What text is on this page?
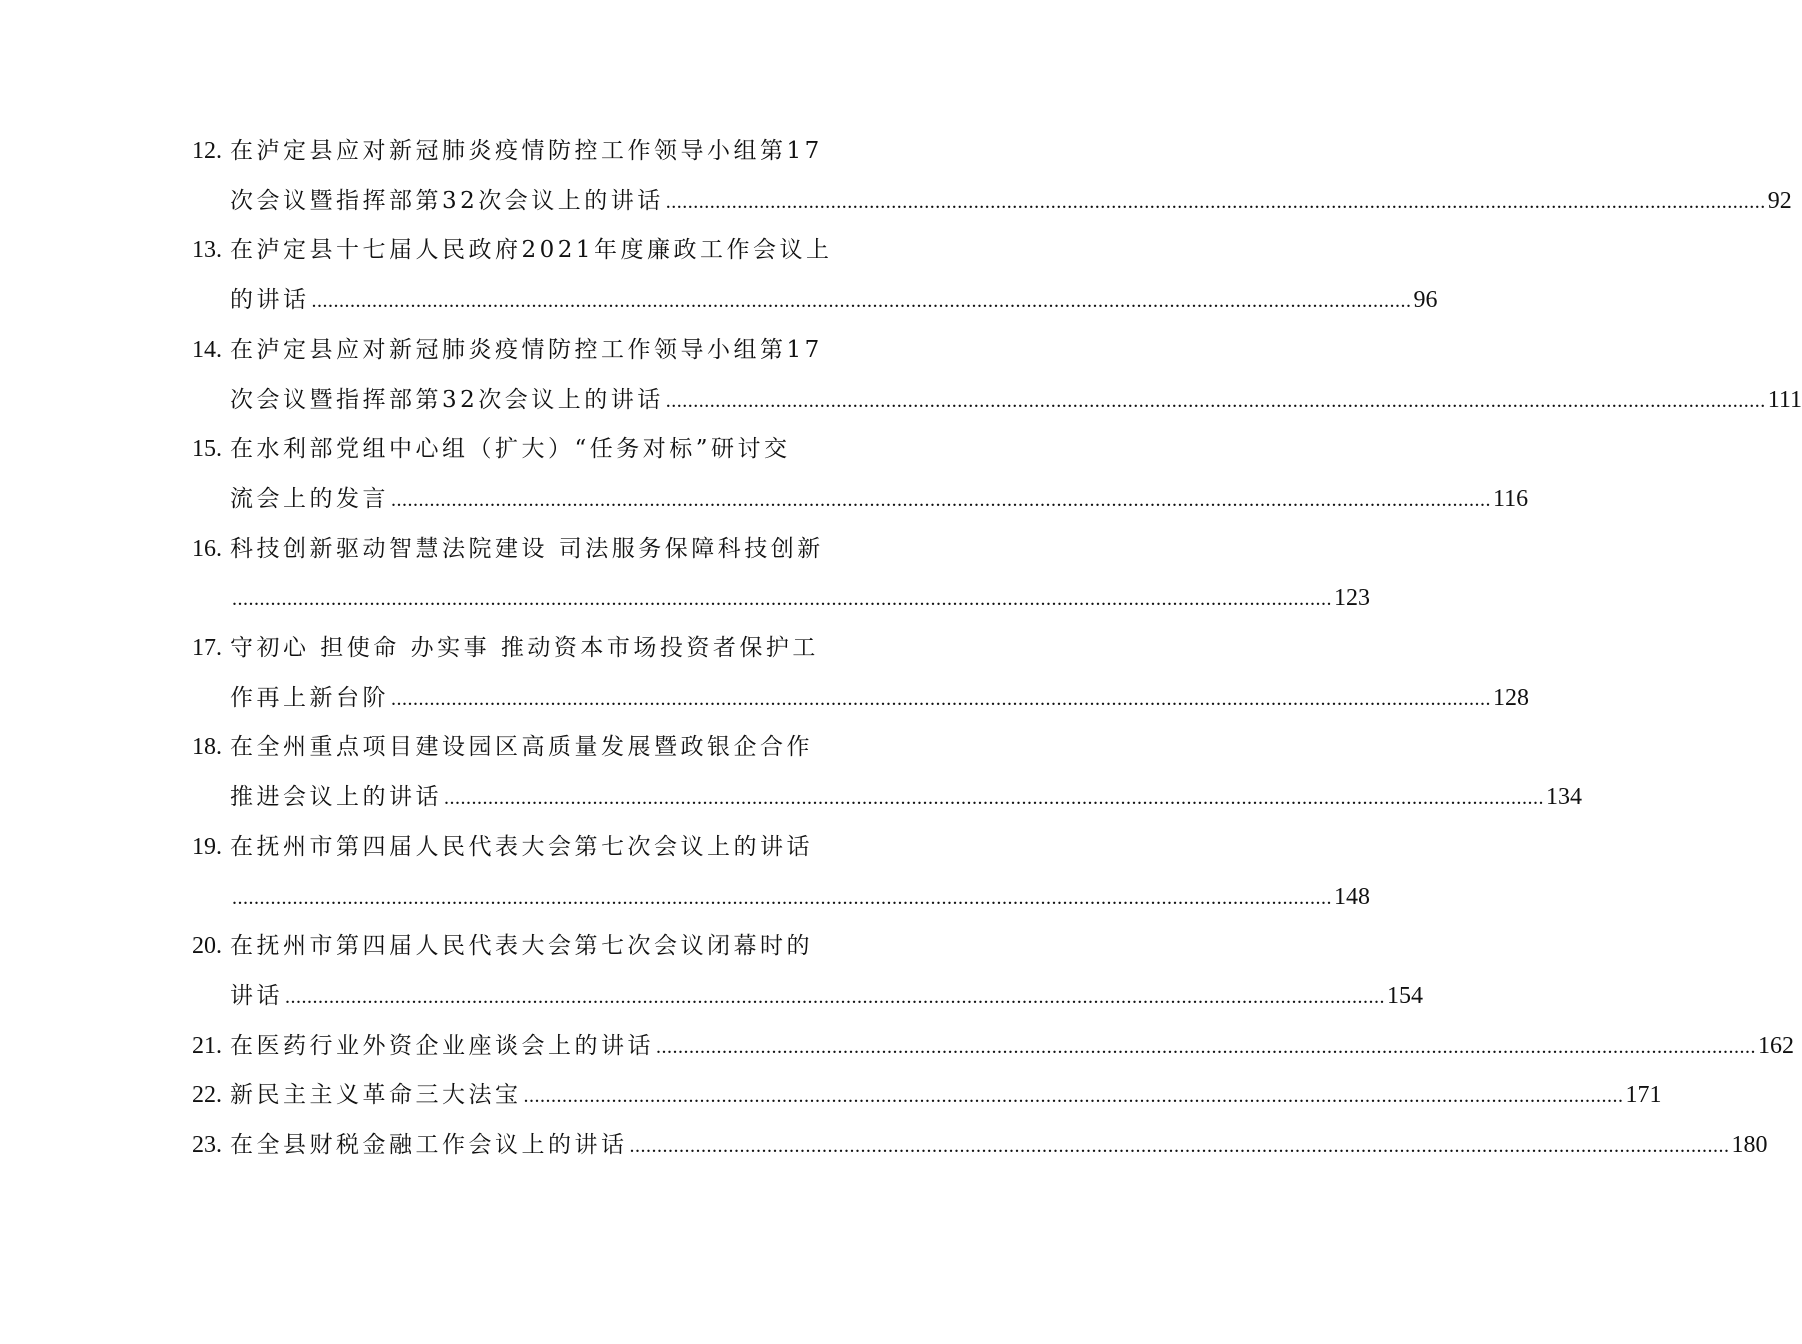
12. 在泸定县应对新冠肺炎疫情防控工作领导小组第17
次会议暨指挥部第32次会议上的讲话 ........................................................................................................................................................................................................ 92
13. 在泸定县十七届人民政府2021年度廉政工作会议上
的讲话 ........................................................................................................................................................................................................ 96
14. 在泸定县应对新冠肺炎疫情防控工作领导小组第17
次会议暨指挥部第32次会议上的讲话 ........................................................................................................................................................................................................ 111
15. 在水利部党组中心组（扩大）“任务对标”研讨交
流会上的发言 ........................................................................................................................................................................................................ 116
16. 科技创新驱动智慧法院建设 司法服务保障科技创新
........................................................................................................................................................................................................ 123
17. 守初心 担使命 办实事 推动资本市场投资者保护工
作再上新台阶 ........................................................................................................................................................................................................ 128
18. 在全州重点项目建设园区高质量发展暨政银企合作
推进会议上的讲话 ........................................................................................................................................................................................................ 134
19. 在抚州市第四届人民代表大会第七次会议上的讲话
........................................................................................................................................................................................................ 148
20. 在抚州市第四届人民代表大会第七次会议闭幕时的
讲话 ........................................................................................................................................................................................................ 154
21. 在医药行业外资企业座谈会上的讲话 ........................................................................................................................................................................................................ 162
22. 新民主主义革命三大法宝 ........................................................................................................................................................................................................ 171
23. 在全县财税金融工作会议上的讲话 ........................................................................................................................................................................................................ 180
